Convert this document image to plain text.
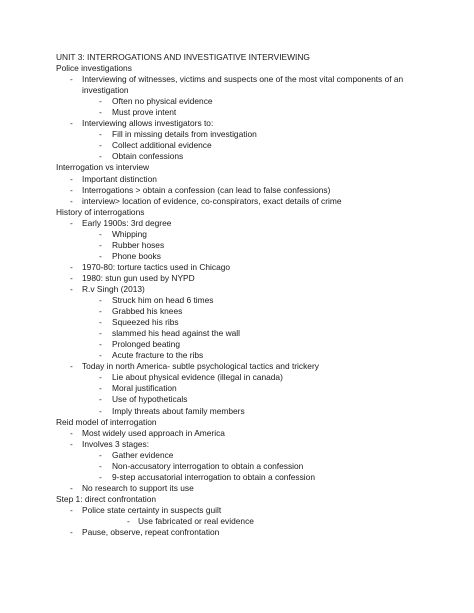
UNIT 3: INTERROGATIONS AND INVESTIGATIVE INTERVIEWING
Police investigations
-	Interviewing of witnesses, victims and suspects one of the most vital components of an investigation
-	Often no physical evidence
-	Must prove intent
-	Interviewing allows investigators to:
-	Fill in missing details from investigation
-	Collect additional evidence
-	Obtain confessions
Interrogation vs interview
-	Important distinction
-	Interrogations > obtain a confession (can lead to false confessions)
-	interview> location of evidence, co-conspirators, exact details of crime
History of interrogations
-	Early 1900s: 3rd degree
-	Whipping
-	Rubber hoses
-	Phone books
-	1970-80: torture tactics used in Chicago
-	1980: stun gun used by NYPD
-	R.v Singh (2013)
-	Struck him on head 6 times
-	Grabbed his knees
-	Squeezed his ribs
-	slammed his head against the wall
-	Prolonged beating
-	Acute fracture to the ribs
-	Today in north America- subtle psychological tactics and trickery
-	Lie about physical evidence (illegal in canada)
-	Moral justification
-	Use of hypotheticals
-	Imply threats about family members
Reid model of interrogation
-	Most widely used approach in America
-	Involves 3 stages:
-	Gather evidence
-	Non-accusatory interrogation to obtain a confession
-	9-step accusatorial interrogation to obtain a confession
-	No research to support its use
Step 1: direct confrontation
-	Police state certainty in suspects guilt
- Use fabricated or real evidence
-	Pause, observe, repeat confrontation
